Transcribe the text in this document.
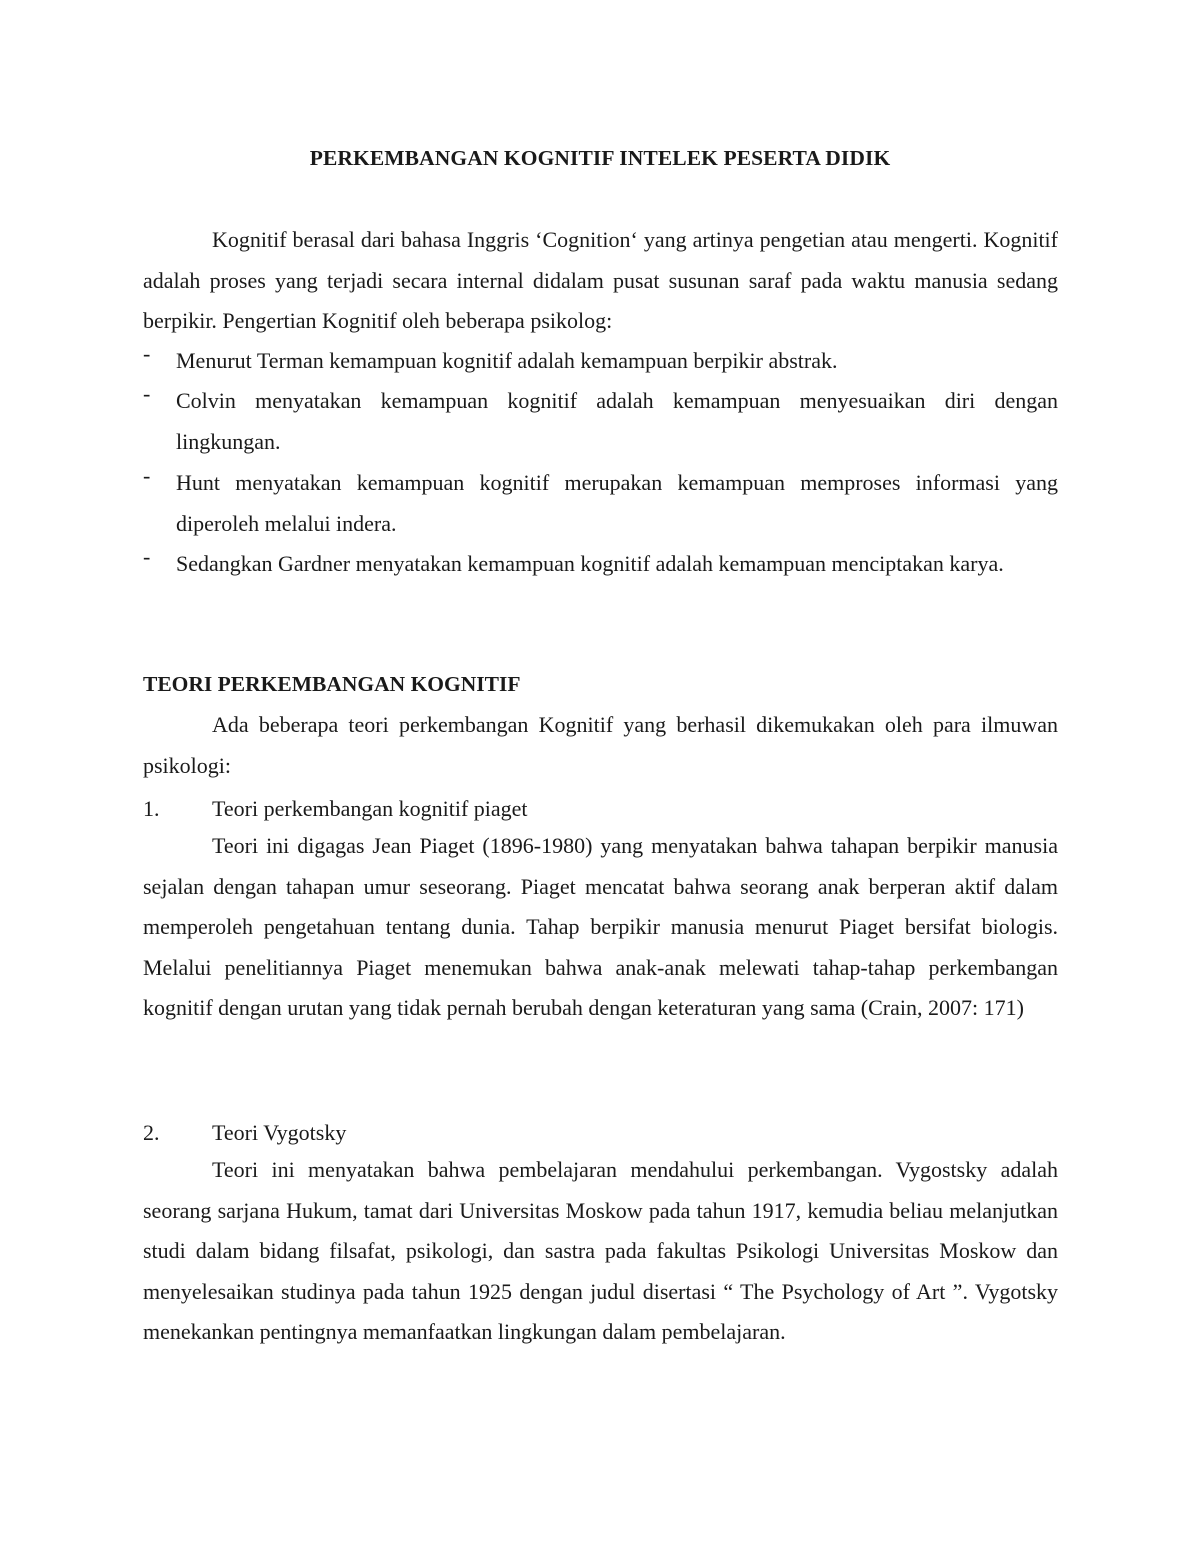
PERKEMBANGAN KOGNITIF INTELEK PESERTA DIDIK

Kognitif berasal dari bahasa Inggris ‘Cognition‘ yang artinya pengetian atau mengerti. Kognitif adalah proses yang terjadi secara internal didalam pusat susunan saraf pada waktu manusia sedang berpikir. Pengertian Kognitif oleh beberapa psikolog:

-	Menurut Terman kemampuan kognitif adalah kemampuan berpikir abstrak.
-	Colvin menyatakan kemampuan kognitif adalah kemampuan menyesuaikan diri dengan lingkungan.
-	Hunt menyatakan kemampuan kognitif merupakan kemampuan memproses informasi yang diperoleh melalui indera.
-	Sedangkan Gardner menyatakan kemampuan kognitif adalah kemampuan menciptakan karya.
TEORI PERKEMBANGAN KOGNITIF

Ada beberapa teori perkembangan Kognitif yang berhasil dikemukakan oleh para ilmuwan psikologi:

1. Teori perkembangan kognitif piaget

Teori ini digagas Jean Piaget (1896-1980) yang menyatakan bahwa tahapan berpikir manusia sejalan dengan tahapan umur seseorang. Piaget mencatat bahwa seorang anak berperan aktif dalam memperoleh pengetahuan tentang dunia. Tahap berpikir manusia menurut Piaget bersifat biologis. Melalui penelitiannya Piaget menemukan bahwa anak-anak melewati tahap-tahap perkembangan kognitif dengan urutan yang tidak pernah berubah dengan keteraturan yang sama (Crain, 2007: 171)

2. Teori Vygotsky

Teori ini menyatakan bahwa pembelajaran mendahului perkembangan. Vygostsky adalah seorang sarjana Hukum, tamat dari Universitas Moskow pada tahun 1917, kemudia beliau melanjutkan studi dalam bidang filsafat, psikologi, dan sastra pada fakultas Psikologi Universitas Moskow dan menyelesaikan studinya pada tahun 1925 dengan judul disertasi “ The Psychology of Art ”. Vygotsky menekankan pentingnya memanfaatkan lingkungan dalam pembelajaran.
